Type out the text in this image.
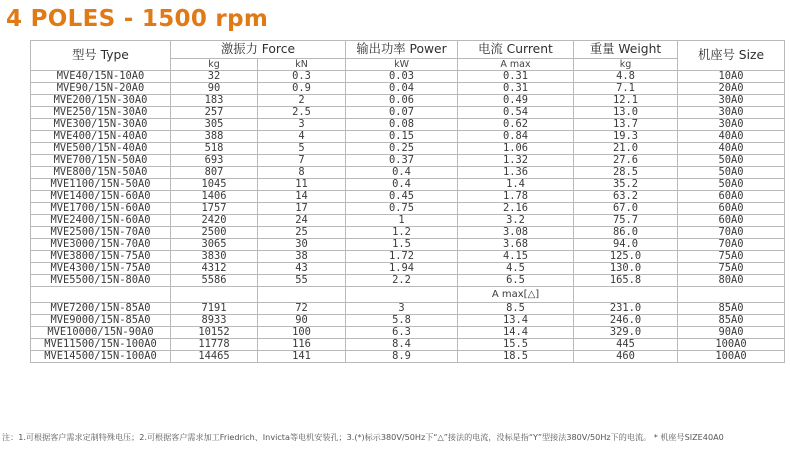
4 POLES - 1500 rpm
型号 Type	激振力 Force		输出功率 Power	电流 Current	重量 Weight	机座号 Size
	kg	kN	kW	A max	kg	
MVE40/15N-10A0	32	0.3	0.03	0.31	4.8	10A0
MVE90/15N-20A0	90	0.9	0.04	0.31	7.1	20A0
MVE200/15N-30A0	183	2	0.06	0.49	12.1	30A0
MVE250/15N-30A0	257	2.5	0.07	0.54	13.0	30A0
MVE300/15N-30A0	305	3	0.08	0.62	13.7	30A0
MVE400/15N-40A0	388	4	0.15	0.84	19.3	40A0
MVE500/15N-40A0	518	5	0.25	1.06	21.0	40A0
MVE700/15N-50A0	693	7	0.37	1.32	27.6	50A0
MVE800/15N-50A0	807	8	0.4	1.36	28.5	50A0
MVE1100/15N-50A0	1045	11	0.4	1.4	35.2	50A0
MVE1400/15N-60A0	1406	14	0.45	1.78	63.2	60A0
MVE1700/15N-60A0	1757	17	0.75	2.16	67.0	60A0
MVE2400/15N-60A0	2420	24	1	3.2	75.7	60A0
MVE2500/15N-70A0	2500	25	1.2	3.08	86.0	70A0
MVE3000/15N-70A0	3065	30	1.5	3.68	94.0	70A0
MVE3800/15N-75A0	3830	38	1.72	4.15	125.0	75A0
MVE4300/15N-75A0	4312	43	1.94	4.5	130.0	75A0
MVE5500/15N-80A0	5586	55	2.2	6.5	165.8	80A0
				A max[△]		
MVE7200/15N-85A0	7191	72	3	8.5	231.0	85A0
MVE9000/15N-85A0	8933	90	5.8	13.4	246.0	85A0
MVE10000/15N-90A0	10152	100	6.3	14.4	329.0	90A0
MVE11500/15N-100A0	11778	116	8.4	15.5	445	100A0
MVE14500/15N-100A0	14465	141	8.9	18.5	460	100A0
注：1.可根据客户需求定制特殊电压；2.可根据客户需求加工Friedrich、Invicta等电机安装孔；3.(*)标示380V/50Hz下“△”接法的电流，没标是指“Y”型接法380V/50Hz下的电流。 * 机座号SIZE40A0
